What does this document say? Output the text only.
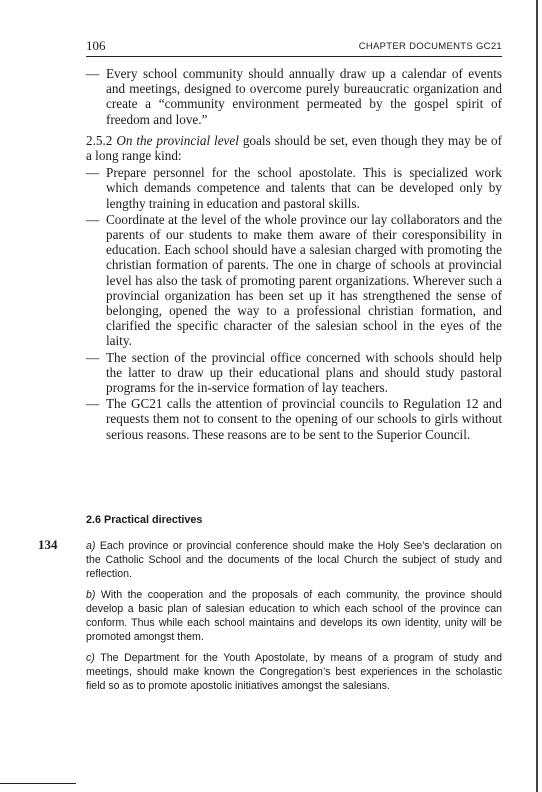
106	CHAPTER DOCUMENTS GC21
— Every school community should annually draw up a calendar of events and meetings, designed to overcome purely bureaucratic organization and create a “community environment permeated by the gospel spirit of freedom and love.”
2.5.2 On the provincial level goals should be set, even though they may be of a long range kind:
— Prepare personnel for the school apostolate. This is specialized work which demands competence and talents that can be developed only by lengthy training in education and pastoral skills.
— Coordinate at the level of the whole province our lay collaborators and the parents of our students to make them aware of their coresponsibility in education. Each school should have a salesian charged with promoting the christian formation of parents. The one in charge of schools at provincial level has also the task of promoting parent organizations. Wherever such a provincial organization has been set up it has strengthened the sense of belonging, opened the way to a professional christian formation, and clarified the specific character of the salesian school in the eyes of the laity.
— The section of the provincial office concerned with schools should help the latter to draw up their educational plans and should study pastoral programs for the in-service formation of lay teachers.
— The GC21 calls the attention of provincial councils to Regulation 12 and requests them not to consent to the opening of our schools to girls without serious reasons. These reasons are to be sent to the Superior Council.
2.6 Practical directives
134	a) Each province or provincial conference should make the Holy See’s declaration on the Catholic School and the documents of the local Church the subject of study and reflection.
b) With the cooperation and the proposals of each community, the province should develop a basic plan of salesian education to which each school of the province can conform. Thus while each school maintains and develops its own identity, unity will be promoted amongst them.
c) The Department for the Youth Apostolate, by means of a program of study and meetings, should make known the Congregation’s best experiences in the scholastic field so as to promote apostolic initiatives amongst the salesians.
